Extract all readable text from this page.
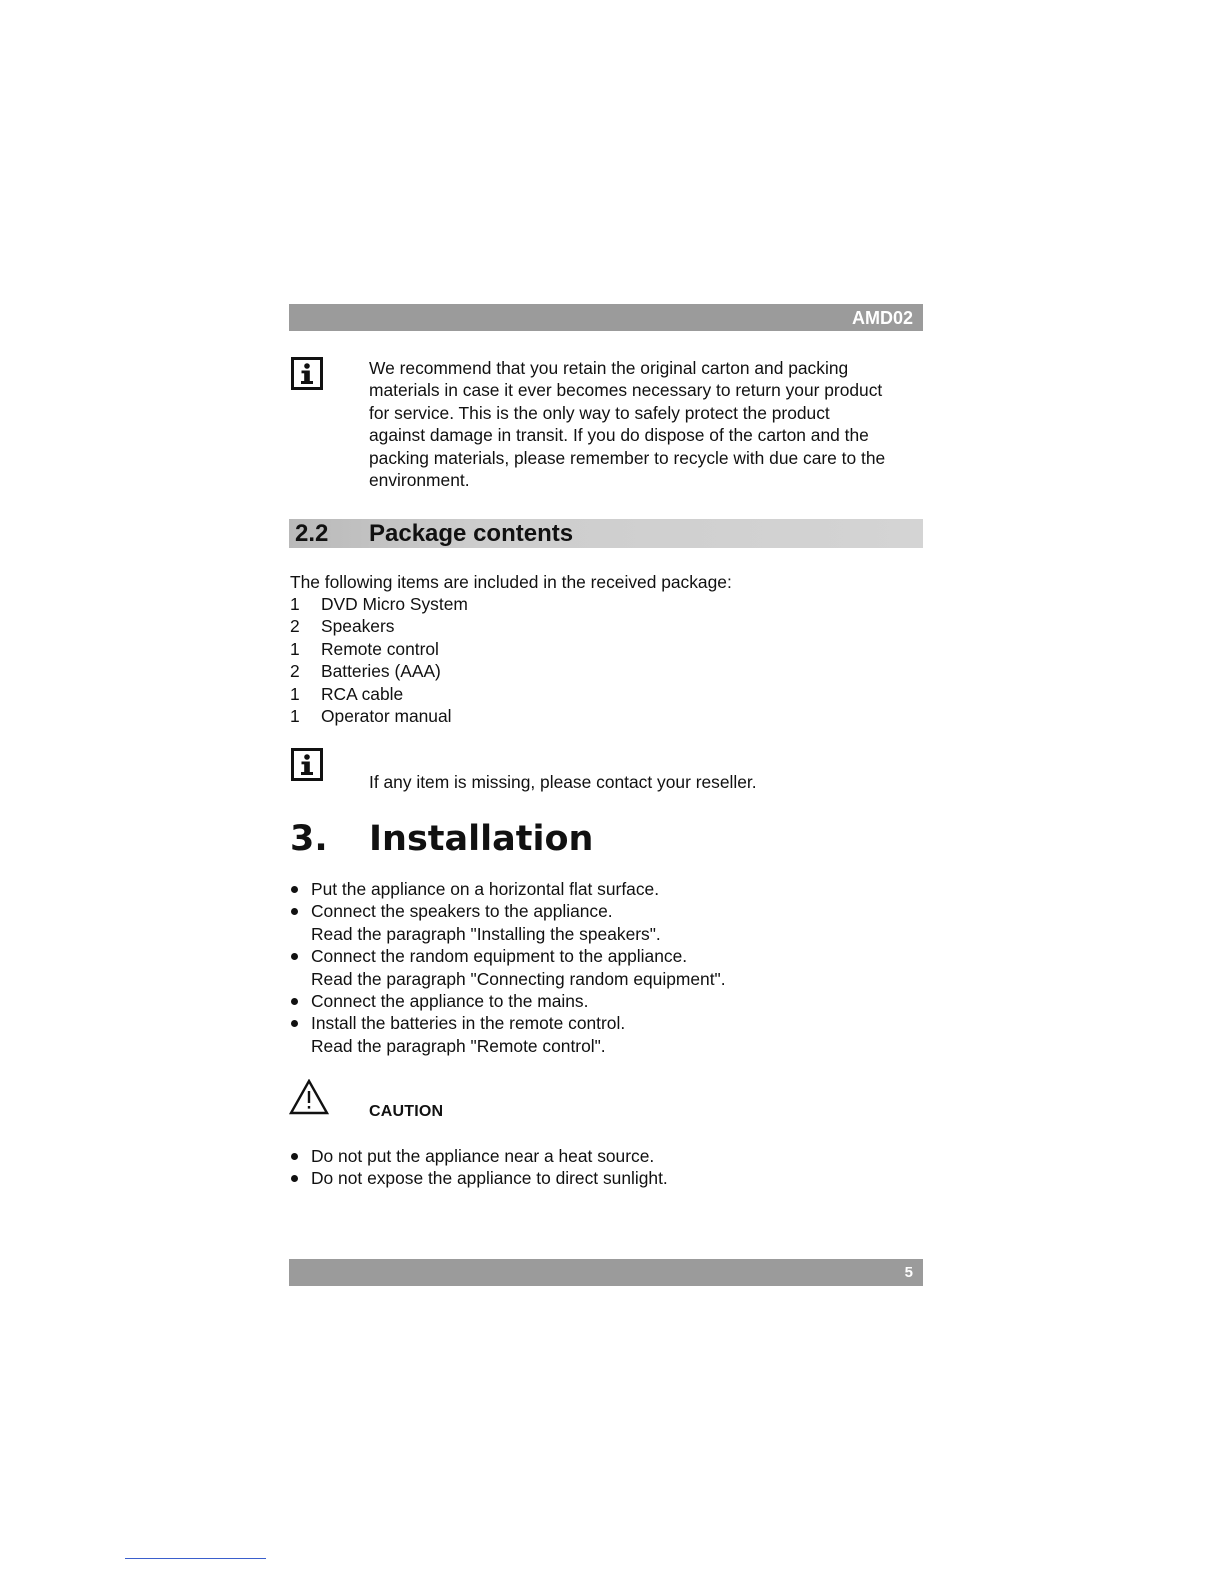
AMD02

We recommend that you retain the original carton and packing
materials in case it ever becomes necessary to return your product
for service. This is the only way to safely protect the product
against damage in transit. If you do dispose of the carton and the
packing materials, please remember to recycle with due care to the
environment.

2.2 Package contents

The following items are included in the received package:

1 DVD Micro System
2 Speakers
1 Remote control
2 Batteries (AAA)
1 RCA cable
1 Operator manual

If any item is missing, please contact your reseller.

3. Installation
Put the appliance on a horizontal flat surface.
Connect the speakers to the appliance.
Read the paragraph "Installing the speakers".
Connect the random equipment to the appliance.
Read the paragraph "Connecting random equipment".
Connect the appliance to the mains.
Install the batteries in the remote control.
Read the paragraph "Remote control".
CAUTION
Do not put the appliance near a heat source.
Do not expose the appliance to direct sunlight.
5
